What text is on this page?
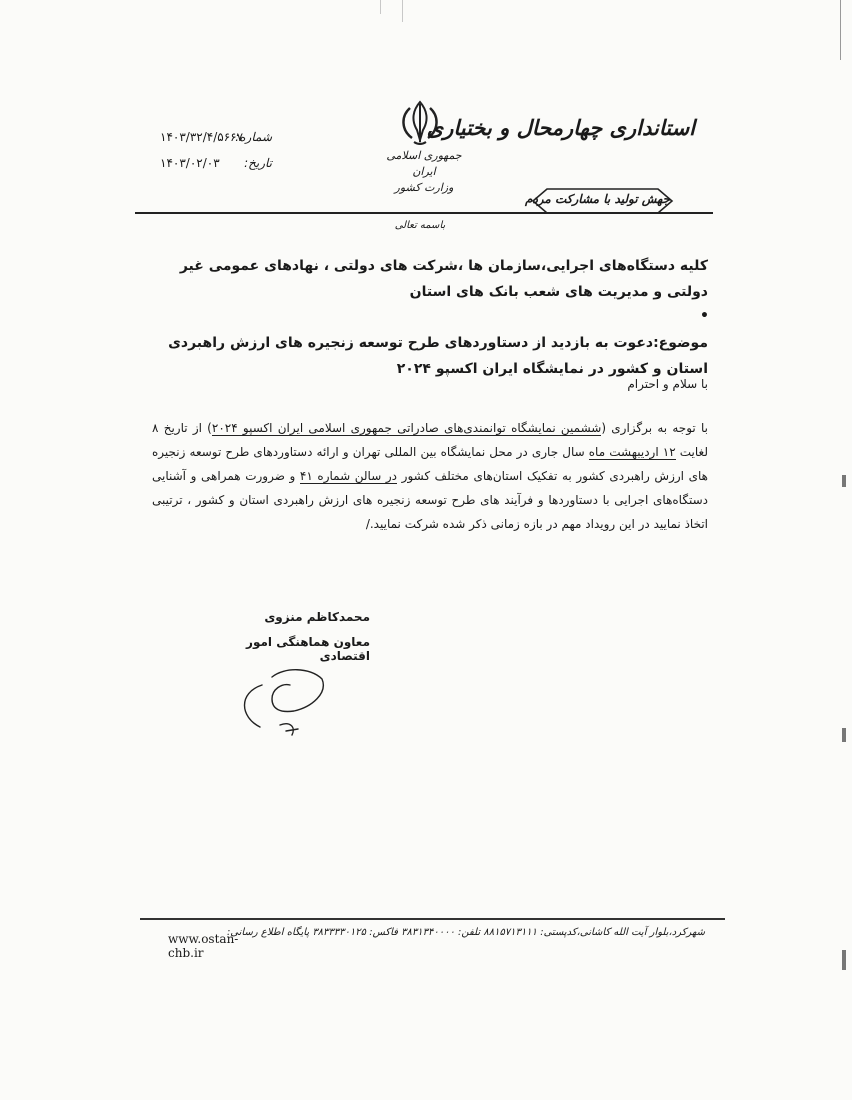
جمهوری اسلامی ایران
وزارت کشور
استانداری چهارمحال و بختیاری
شماره:
تاریخ:
۱۴۰۳/۳۲/۴/۵۶۶۷
۱۴۰۳/۰۲/۰۳
جهش تولید با مشارکت مردم
باسمه تعالی
کلیه دستگاه‌های اجرایی،سازمان ها ،شرکت های دولتی ، نهادهای عمومی غیر دولتی و مدیریت های شعب بانک های استان
•
موضوع:دعوت به بازدید از دستاوردهای طرح توسعه زنجیره های ارزش راهبردی استان و کشور در نمایشگاه ایران اکسپو ۲۰۲۴
با سلام و احترام
با توجه به برگزاری (ششمین نمایشگاه توانمندی‌های صادراتی جمهوری اسلامی ایران اکسپو ۲۰۲۴) از تاریخ ۸ لغایت ۱۲ اردیبهشت ماه سال جاری در محل نمایشگاه بین المللی تهران و ارائه دستاوردهای طرح توسعه زنجیره های ارزش راهبردی کشور به تفکیک استان‌های مختلف کشور در سالن شماره ۴۱ و ضرورت همراهی و آشنایی دستگاه‌های اجرایی با دستاوردها و فرآیند های طرح توسعه زنجیره های ارزش راهبردی استان و کشور ، ترتیبی اتخاذ نمایید در این رویداد مهم در بازه زمانی ذکر شده شرکت نمایید./
محمدکاظم منزوی
معاون هماهنگی امور اقتصادی
شهرکرد،بلوار آیت الله کاشانی،کدپستی: ۸۸۱۵۷۱۳۱۱۱ تلفن: ۳۸۳۱۳۴۰۰۰۰ فاکس: ۳۸۳۳۳۳۰۱۲۵ پایگاه اطلاع رسانی:
www.ostan-chb.ir
